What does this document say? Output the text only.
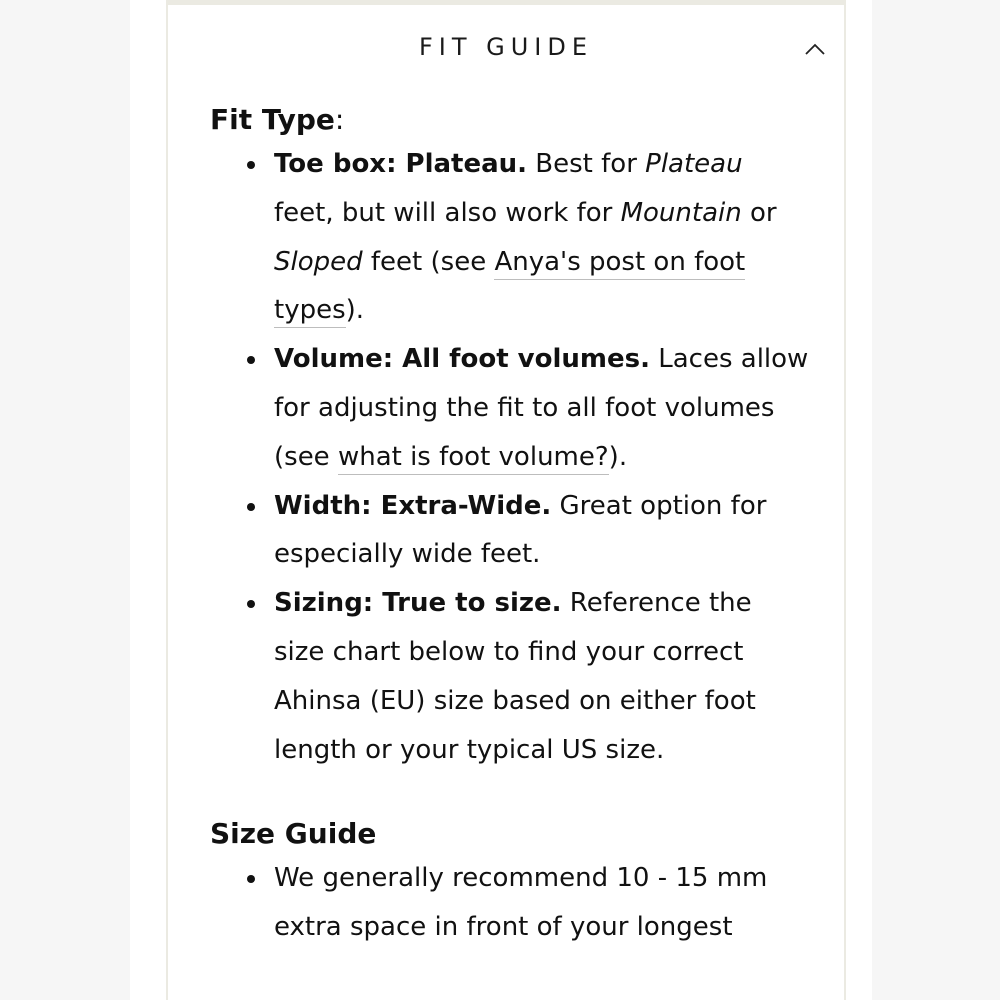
FIT GUIDE
Fit Type:
Toe box: Plateau. Best for Plateau feet, but will also work for Mountain or Sloped feet (see Anya's post on foot types).
Volume: All foot volumes. Laces allow for adjusting the fit to all foot volumes (see what is foot volume?).
Width: Extra-Wide. Great option for especially wide feet.
Sizing: True to size. Reference the size chart below to find your correct Ahinsa (EU) size based on either foot length or your typical US size.
Size Guide
We generally recommend 10 - 15 mm extra space in front of your longest
